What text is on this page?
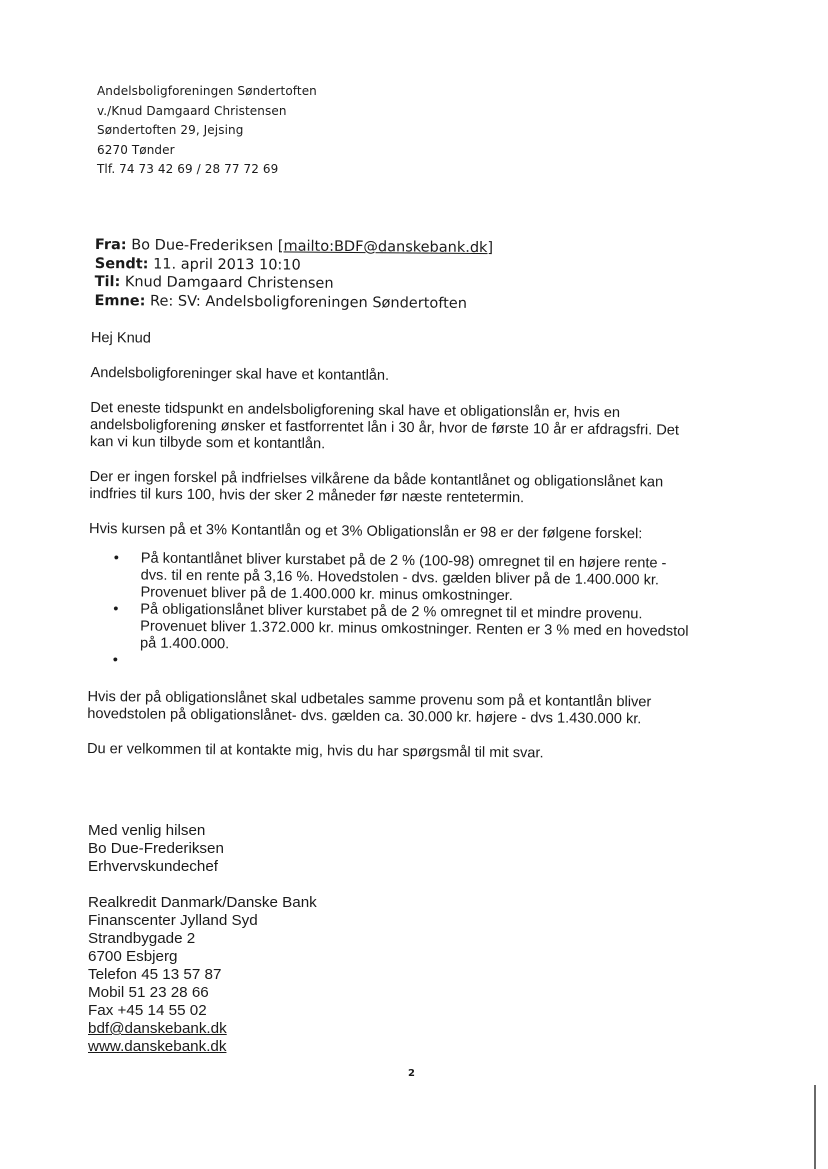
Andelsboligforeningen Søndertoften
v./Knud Damgaard Christensen
Søndertoften 29, Jejsing
6270 Tønder
Tlf. 74 73 42 69 / 28 77 72 69
Fra: Bo Due-Frederiksen [mailto:BDF@danskebank.dk]
Sendt: 11. april 2013 10:10
Til: Knud Damgaard Christensen
Emne: Re: SV: Andelsboligforeningen Søndertoften

Hej Knud

Andelsboligforeninger skal have et kontantlån.

Det eneste tidspunkt en andelsboligforening skal have et obligationslån er, hvis en
andelsboligforening ønsker et fastforrentet lån i 30 år, hvor de første 10 år er afdragsfri. Det
kan vi kun tilbyde som et kontantlån.

Der er ingen forskel på indfrielses vilkårene da både kontantlånet og obligationslånet kan
indfries til kurs 100, hvis der sker 2 måneder før næste rentetermin.

Hvis kursen på et 3% Kontantlån og et 3% Obligationslån er 98 er der følgene forskel:

• På kontantlånet bliver kurstabet på de 2 % (100-98) omregnet til en højere rente -
dvs. til en rente på 3,16 %. Hovedstolen - dvs. gælden bliver på de 1.400.000 kr.
Provenuet bliver på de 1.400.000 kr. minus omkostninger.
• På obligationslånet bliver kurstabet på de 2 % omregnet til et mindre provenu.
Provenuet bliver 1.372.000 kr. minus omkostninger. Renten er 3 % med en hovedstol
på 1.400.000.
•

Hvis der på obligationslånet skal udbetales samme provenu som på et kontantlån bliver
hovedstolen på obligationslånet- dvs. gælden ca. 30.000 kr. højere - dvs 1.430.000 kr.

Du er velkommen til at kontakte mig, hvis du har spørgsmål til mit svar.

Med venlig hilsen
Bo Due-Frederiksen
Erhvervskundechef
Realkredit Danmark/Danske Bank
Finanscenter Jylland Syd
Strandbygade 2
6700 Esbjerg
Telefon 45 13 57 87
Mobil 51 23 28 66
Fax +45 14 55 02
bdf@danskebank.dk
www.danskebank.dk
2
